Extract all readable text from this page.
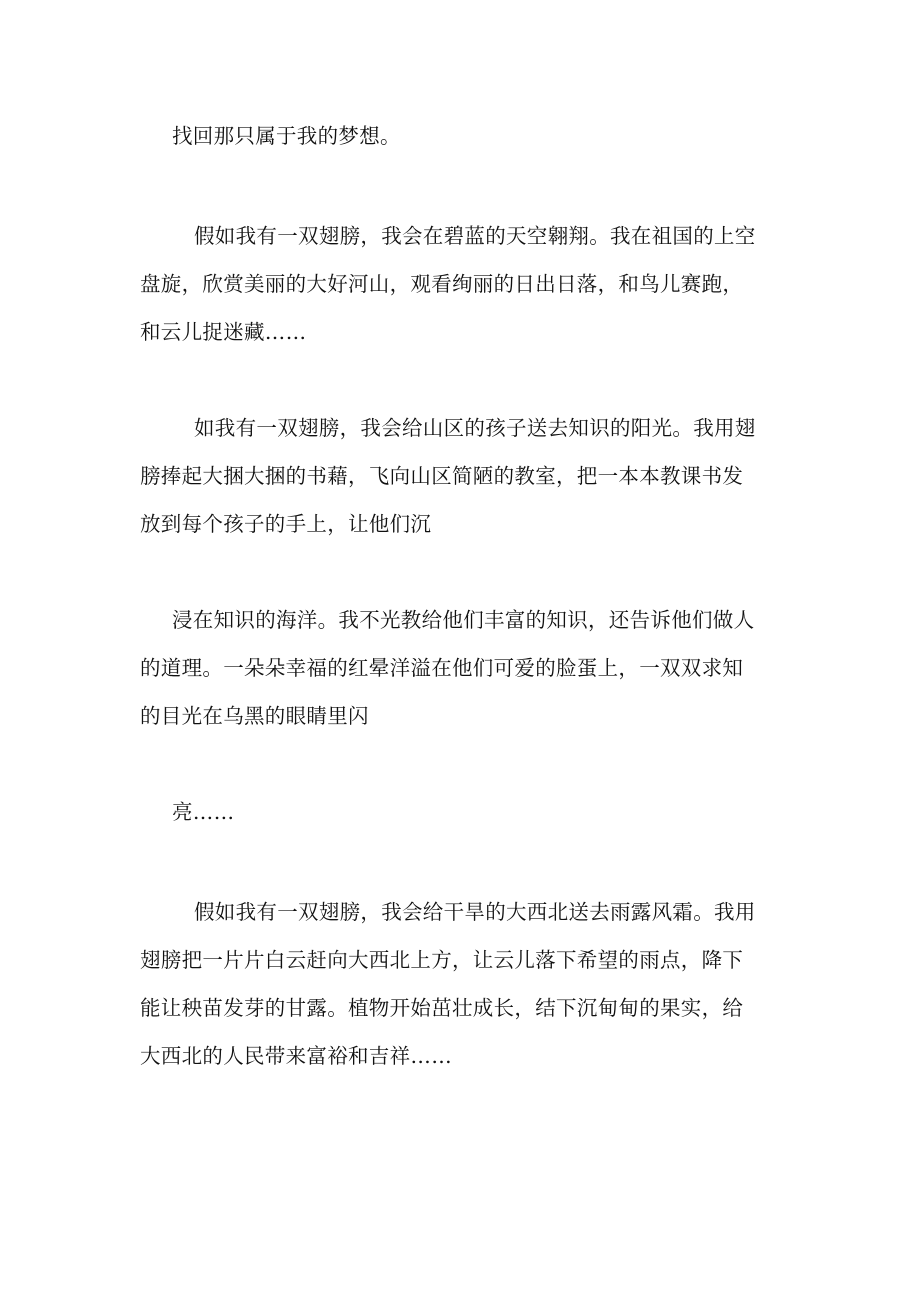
找回那只属于我的梦想。
假如我有一双翅膀，我会在碧蓝的天空翱翔。我在祖国的上空
盘旋，欣赏美丽的大好河山，观看绚丽的日出日落，和鸟儿赛跑，
和云儿捉迷藏……
如我有一双翅膀，我会给山区的孩子送去知识的阳光。我用翅
膀捧起大捆大捆的书藉，飞向山区简陋的教室，把一本本教课书发
放到每个孩子的手上，让他们沉
浸在知识的海洋。我不光教给他们丰富的知识，还告诉他们做人
的道理。一朵朵幸福的红晕洋溢在他们可爱的脸蛋上，一双双求知
的目光在乌黑的眼睛里闪
亮……
假如我有一双翅膀，我会给干旱的大西北送去雨露风霜。我用
翅膀把一片片白云赶向大西北上方，让云儿落下希望的雨点，降下
能让秧苗发芽的甘露。植物开始茁壮成长，结下沉甸甸的果实，给
大西北的人民带来富裕和吉祥……
